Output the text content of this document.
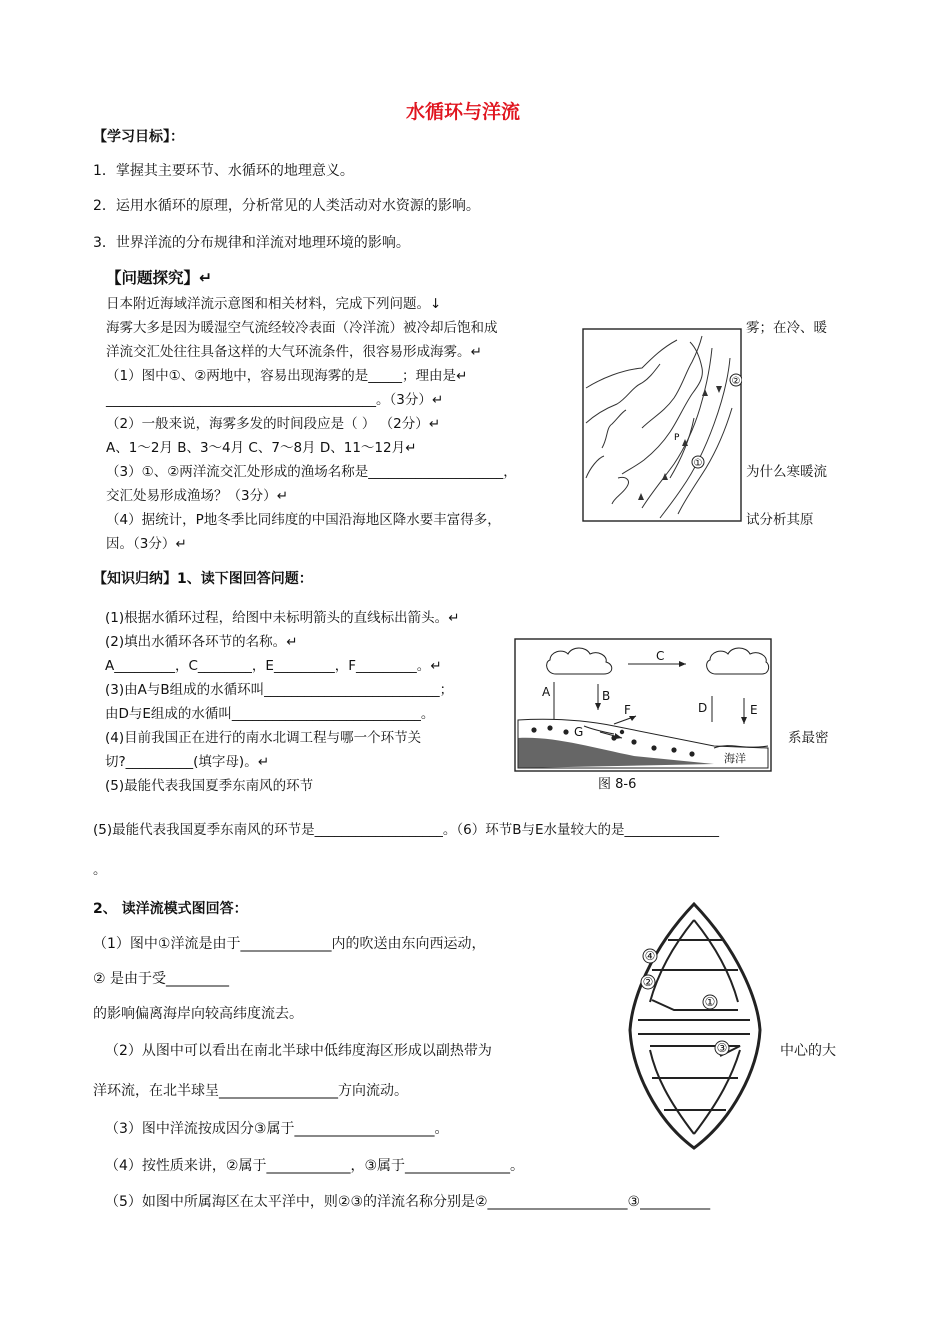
水循环与洋流
【学习目标】：
1．掌握其主要环节、水循环的地理意义。
2．运用水循环的原理，分析常见的人类活动对水资源的影响。
3．世界洋流的分布规律和洋流对地理环境的影响。
【问题探究】↵
日本附近海域洋流示意图和相关材料，完成下列问题。↓
海雾大多是因为暖湿空气流经较冷表面（冷洋流）被冷却后饱和成	雾；在冷、暖
洋流交汇处往往具备这样的大气环流条件，很容易形成海雾。↵
（1）图中①、②两地中，容易出现海雾的是_____；理由是↵
________________________________________。（3分）↵
（2）一般来说，海雾多发的时间段应是（ ） （2分）↵
A、1～2月 B、3～4月 C、7～8月 D、11～12月↵
（3）①、②两洋流交汇处形成的渔场名称是____________________，	为什么寒暖流
交汇处易形成渔场？（3分）↵
（4）据统计，P地冬季比同纬度的中国沿海地区降水要丰富得多，	试分析其原
因。（3分）↵
②
①
P
【知识归纳】1、读下图回答问题：
(1)根据水循环过程，给图中未标明箭头的直线标出箭头。↵
(2)填出水循环各环节的名称。↵
A_________，C________，E_________，F_________。↵
(3)由A与B组成的水循环叫__________________________；
由D与E组成的水循叫____________________________。
(4)目前我国正在进行的南水北调工程与哪一个环节关	系最密
切?__________(填字母)。↵
(5)最能代表我国夏季东南风的环节
(5)最能代表我国夏季东南风的环节是___________________。（6）环节B与E水量较大的是______________
。
A	B
C
D	E
F
G
海洋
图 8-6
2、 读洋流模式图回答：
（1）图中①洋流是由于_____________内的吹送由东向西运动，
② 是由于受_________
的影响偏离海岸向较高纬度流去。
（2）从图中可以看出在南北半球中低纬度海区形成以副热带为	中心的大
洋环流，在北半球呈_________________方向流动。
（3）图中洋流按成因分③属于____________________。
（4）按性质来讲，②属于____________，③属于_______________。
（5）如图中所属海区在太平洋中，则②③的洋流名称分别是②____________________③__________
④
②
①
③
